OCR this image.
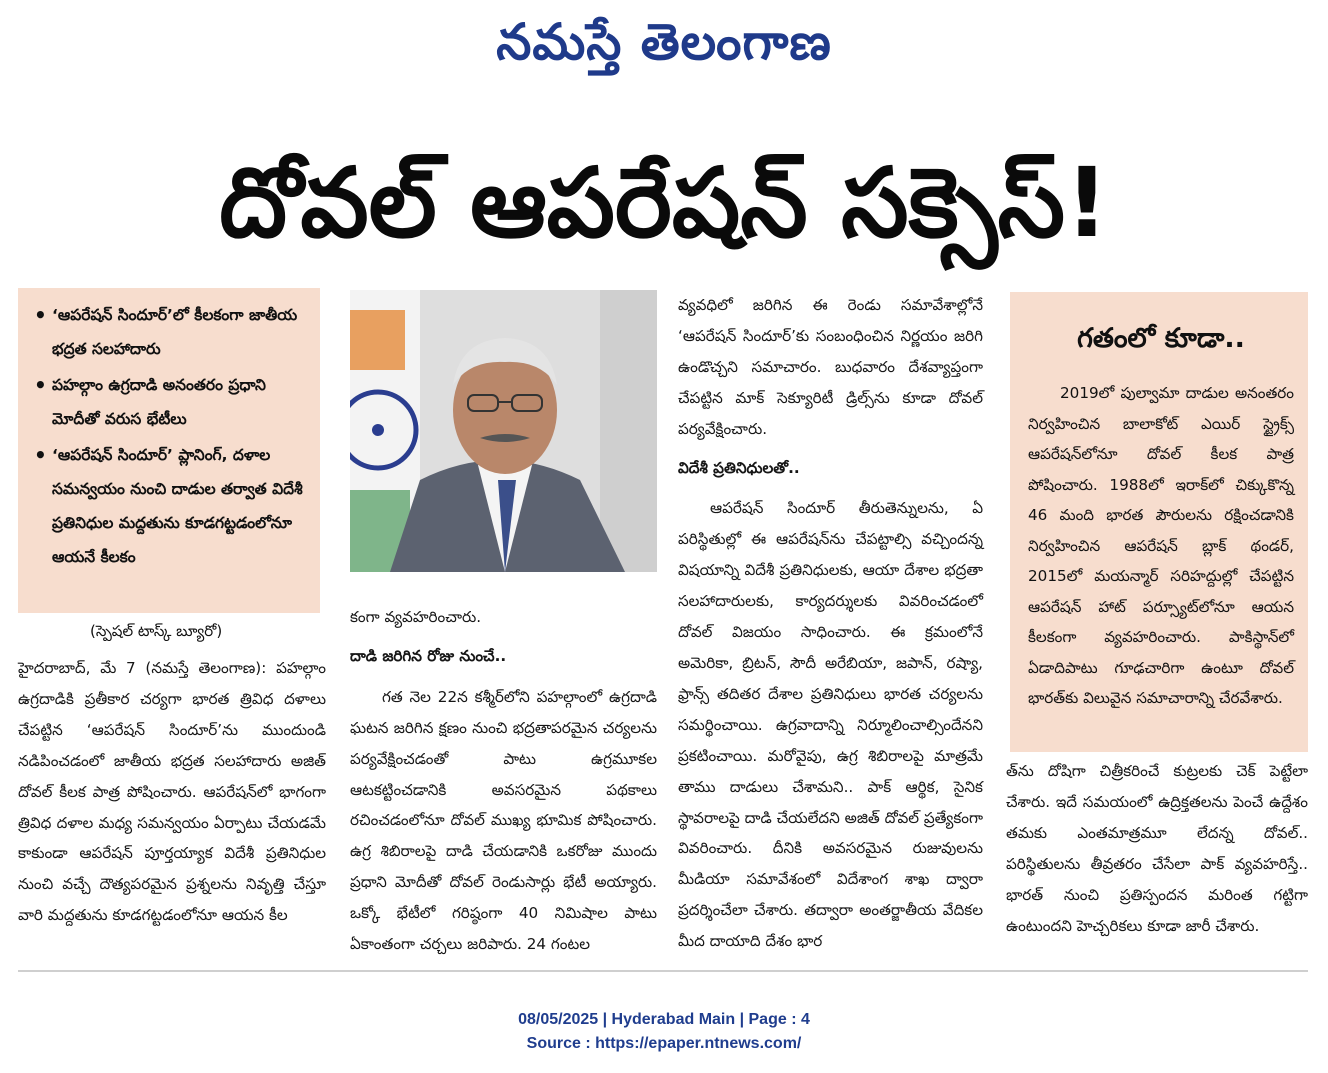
నమస్తే తెలంగాణ
దోవల్ ఆపరేషన్ సక్సెస్!
• ‘ఆపరేషన్ సిందూర్’లో కీలకంగా జాతీయ భద్రత సలహాదారు
• పహల్గాం ఉగ్రదాడి అనంతరం ప్రధాని మోదీతో వరుస భేటీలు
• ‘ఆపరేషన్ సిందూర్’ ప్లానింగ్, దళాల సమన్వయం నుంచి దాడుల తర్వాత విదేశీ ప్రతినిధుల మద్దతును కూడగట్టడంలోనూ ఆయనే కీలకం
(స్పెషల్ టాస్క్ బ్యూరో)

హైదరాబాద్, మే 7 (నమస్తే తెలంగాణ): పహల్గాం ఉగ్రదాడికి ప్రతీకార చర్యగా భారత త్రివిధ దళాలు చేపట్టిన ‘ఆపరేషన్ సిందూర్’ను ముందుండి నడిపించడంలో జాతీయ భద్రత సలహాదారు అజిత్ దోవల్ కీలక పాత్ర పోషించారు. ఆపరేషన్‌లో భాగంగా త్రివిధ దళాల మధ్య సమన్వయం ఏర్పాటు చేయడమే కాకుండా ఆపరేషన్ పూర్తయ్యాక విదేశీ ప్రతినిధుల నుంచి వచ్చే దౌత్యపరమైన ప్రశ్నలను నివృత్తి చేస్తూ వారి మద్దతును కూడగట్టడంలోనూ ఆయన కీల

కంగా వ్యవహరించారు.

దాడి జరిగిన రోజు నుంచే..

గత నెల 22న కశ్మీర్‌లోని పహల్గాంలో ఉగ్రదాడి ఘటన జరిగిన క్షణం నుంచి భద్రతాపరమైన చర్యలను పర్యవేక్షించడంతో పాటు ఉగ్రమూకల ఆటకట్టించడానికి అవసరమైన పథకాలు రచించడంలోనూ దోవల్ ముఖ్య భూమిక పోషించారు. ఉగ్ర శిబిరాలపై దాడి చేయడానికి ఒకరోజు ముందు ప్రధాని మోదీతో దోవల్ రెండుసార్లు భేటీ అయ్యారు. ఒక్కో భేటీలో గరిష్ఠంగా 40 నిమిషాల పాటు ఏకాంతంగా చర్చలు జరిపారు. 24 గంటల

వ్యవధిలో జరిగిన ఈ రెండు సమావేశాల్లోనే ‘ఆపరేషన్ సిందూర్’కు సంబంధించిన నిర్ణయం జరిగి ఉండొచ్చని సమాచారం. బుధవారం దేశవ్యాప్తంగా చేపట్టిన మాక్ సెక్యూరిటీ డ్రిల్స్‌ను కూడా దోవల్ పర్యవేక్షించారు.

విదేశీ ప్రతినిధులతో..

ఆపరేషన్ సిందూర్ తీరుతెన్నులను, ఏ పరిస్థితుల్లో ఈ ఆపరేషన్‌ను చేపట్టాల్సి వచ్చిందన్న విషయాన్ని విదేశీ ప్రతినిధులకు, ఆయా దేశాల భద్రతా సలహాదారులకు, కార్యదర్శులకు వివరించడంలో దోవల్ విజయం సాధించారు. ఈ క్రమంలోనే అమెరికా, బ్రిటన్, సౌదీ అరేబియా, జపాన్, రష్యా, ఫ్రాన్స్ తదితర దేశాల ప్రతినిధులు భారత చర్యలను సమర్థించాయి. ఉగ్రవాదాన్ని నిర్మూలించాల్సిందేనని ప్రకటించాయి. మరోవైపు, ఉగ్ర శిబిరాలపై మాత్రమే తాము దాడులు చేశామని.. పాక్ ఆర్థిక, సైనిక స్థావరాలపై దాడి చేయలేదని అజిత్ దోవల్ ప్రత్యేకంగా వివరించారు. దీనికి అవసరమైన రుజువులను మీడియా సమావేశంలో విదేశాంగ శాఖ ద్వారా ప్రదర్శించేలా చేశారు. తద్వారా అంతర్జాతీయ వేదికల మీద దాయాది దేశం భార

గతంలో కూడా..

2019లో పుల్వామా దాడుల అనంతరం నిర్వహించిన బాలాకోట్ ఎయిర్ స్ట్రైక్స్ ఆపరేషన్‌లోనూ దోవల్ కీలక పాత్ర పోషించారు. 1988లో ఇరాక్‌లో చిక్కుకొన్న 46 మంది భారత పౌరులను రక్షించడానికి నిర్వహించిన ఆపరేషన్ బ్లాక్ థండర్, 2015లో మయన్మార్ సరిహద్దుల్లో చేపట్టిన ఆపరేషన్ హాట్ పర్స్యూట్‌లోనూ ఆయన కీలకంగా వ్యవహరించారు. పాకిస్థాన్‌లో ఏడాదిపాటు గూఢచారిగా ఉంటూ దోవల్ భారత్‌కు విలువైన సమాచారాన్ని చేరవేశారు.

త్‌ను దోషిగా చిత్రీకరించే కుట్రలకు చెక్ పెట్టేలా చేశారు. ఇదే సమయంలో ఉద్రిక్తతలను పెంచే ఉద్దేశం తమకు ఎంతమాత్రమూ లేదన్న దోవల్.. పరిస్థితులను తీవ్రతరం చేసేలా పాక్ వ్యవహరిస్తే.. భారత్ నుంచి ప్రతిస్పందన మరింత గట్టిగా ఉంటుందని హెచ్చరికలు కూడా జారీ చేశారు.

08/05/2025 | Hyderabad Main | Page : 4
Source : https://epaper.ntnews.com/
